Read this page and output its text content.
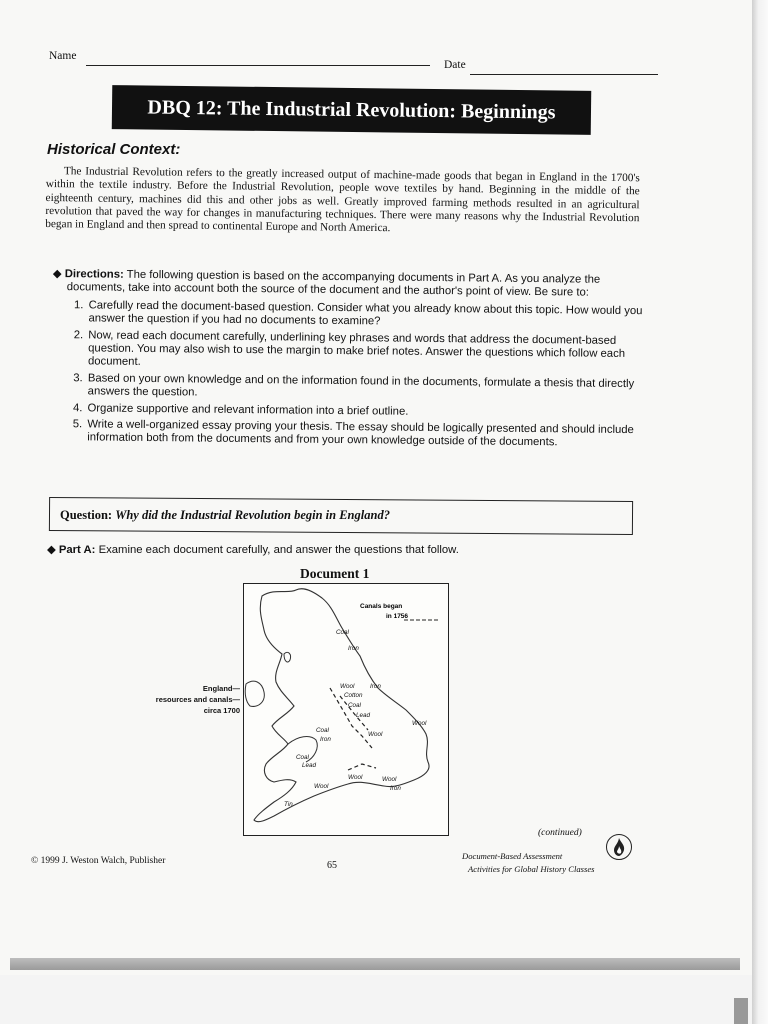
Name
Date
DBQ 12: The Industrial Revolution: Beginnings
Historical Context:
The Industrial Revolution refers to the greatly increased output of machine-made goods that began in England in the 1700's within the textile industry. Before the Industrial Revolution, people wove textiles by hand. Beginning in the middle of the eighteenth century, machines did this and other jobs as well. Greatly improved farming methods resulted in an agricultural revolution that paved the way for changes in manufacturing techniques. There were many reasons why the Industrial Revolution began in England and then spread to continental Europe and North America.
◆ Directions: The following question is based on the accompanying documents in Part A. As you analyze the documents, take into account both the source of the document and the author's point of view. Be sure to:
1. Carefully read the document-based question. Consider what you already know about this topic. How would you answer the question if you had no documents to examine?
2. Now, read each document carefully, underlining key phrases and words that address the document-based question. You may also wish to use the margin to make brief notes. Answer the questions which follow each document.
3. Based on your own knowledge and on the information found in the documents, formulate a thesis that directly answers the question.
4. Organize supportive and relevant information into a brief outline.
5. Write a well-organized essay proving your thesis. The essay should be logically presented and should include information both from the documents and from your own knowledge outside of the documents.
Question: Why did the Industrial Revolution begin in England?
◆ Part A: Examine each document carefully, and answer the questions that follow.
Document 1
England—
resources and canals—
circa 1700
Canals began
in 1756
Coal
Iron
Wool Iron
Cotton
Coal
Lead
Wool
Wool
Coal
Iron
Coal
Lead
Wool	Wool
Iron
Wool
Tin
(continued)
© 1999 J. Weston Walch, Publisher	65
Document-Based Assessment
Activities for Global History Classes
